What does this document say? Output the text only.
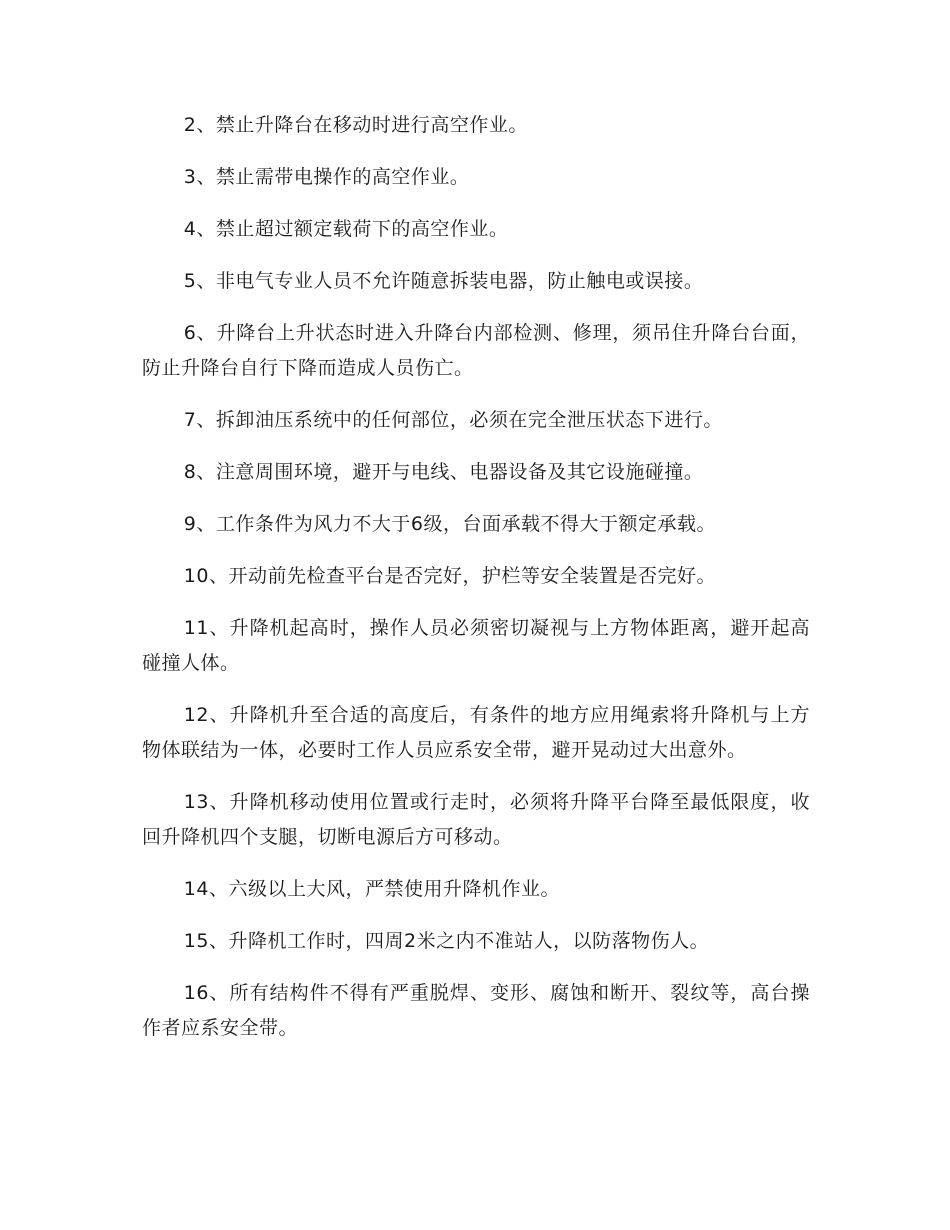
2、禁止升降台在移动时进行高空作业。

3、禁止需带电操作的高空作业。

4、禁止超过额定载荷下的高空作业。

5、非电气专业人员不允许随意拆装电器，防止触电或误接。

6、升降台上升状态时进入升降台内部检测、修理，须吊住升降台台面，防止升降台自行下降而造成人员伤亡。

7、拆卸油压系统中的任何部位，必须在完全泄压状态下进行。

8、注意周围环境，避开与电线、电器设备及其它设施碰撞。

9、工作条件为风力不大于6级，台面承载不得大于额定承载。

10、开动前先检查平台是否完好，护栏等安全装置是否完好。

11、升降机起高时，操作人员必须密切凝视与上方物体距离，避开起高碰撞人体。

12、升降机升至合适的高度后，有条件的地方应用绳索将升降机与上方物体联结为一体，必要时工作人员应系安全带，避开晃动过大出意外。

13、升降机移动使用位置或行走时，必须将升降平台降至最低限度，收回升降机四个支腿，切断电源后方可移动。

14、六级以上大风，严禁使用升降机作业。

15、升降机工作时，四周2米之内不准站人，以防落物伤人。

16、所有结构件不得有严重脱焊、变形、腐蚀和断开、裂纹等，高台操作者应系安全带。
